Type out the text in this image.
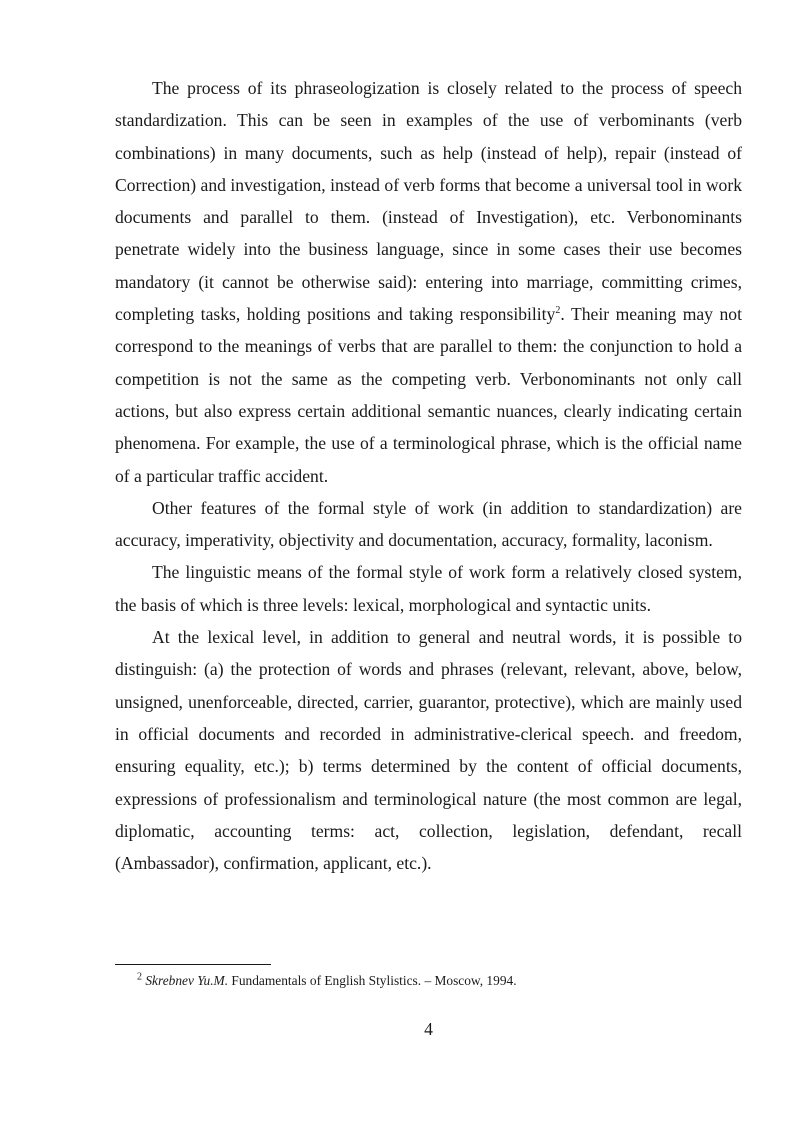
The process of its phraseologization is closely related to the process of speech standardization. This can be seen in examples of the use of verbominants (verb combinations) in many documents, such as help (instead of help), repair (instead of Correction) and investigation, instead of verb forms that become a universal tool in work documents and parallel to them. (instead of Investigation), etc. Verbonominants penetrate widely into the business language, since in some cases their use becomes mandatory (it cannot be otherwise said): entering into marriage, committing crimes, completing tasks, holding positions and taking responsibility$^2$. Their meaning may not correspond to the meanings of verbs that are parallel to them: the conjunction to hold a competition is not the same as the competing verb. Verbonominants not only call actions, but also express certain additional semantic nuances, clearly indicating certain phenomena. For example, the use of a terminological phrase, which is the official name of a particular traffic accident.

Other features of the formal style of work (in addition to standardization) are accuracy, imperativity, objectivity and documentation, accuracy, formality, laconism.

The linguistic means of the formal style of work form a relatively closed system, the basis of which is three levels: lexical, morphological and syntactic units.

At the lexical level, in addition to general and neutral words, it is possible to distinguish: (a) the protection of words and phrases (relevant, relevant, above, below, unsigned, unenforceable, directed, carrier, guarantor, protective), which are mainly used in official documents and recorded in administrative-clerical speech. and freedom, ensuring equality, etc.); b) terms determined by the content of official documents, expressions of professionalism and terminological nature (the most common are legal, diplomatic, accounting terms: act, collection, legislation, defendant, recall (Ambassador), confirmation, applicant, etc.).

$^2$ Skrebnev Yu.M. Fundamentals of English Stylistics. – Moscow, 1994.
4
